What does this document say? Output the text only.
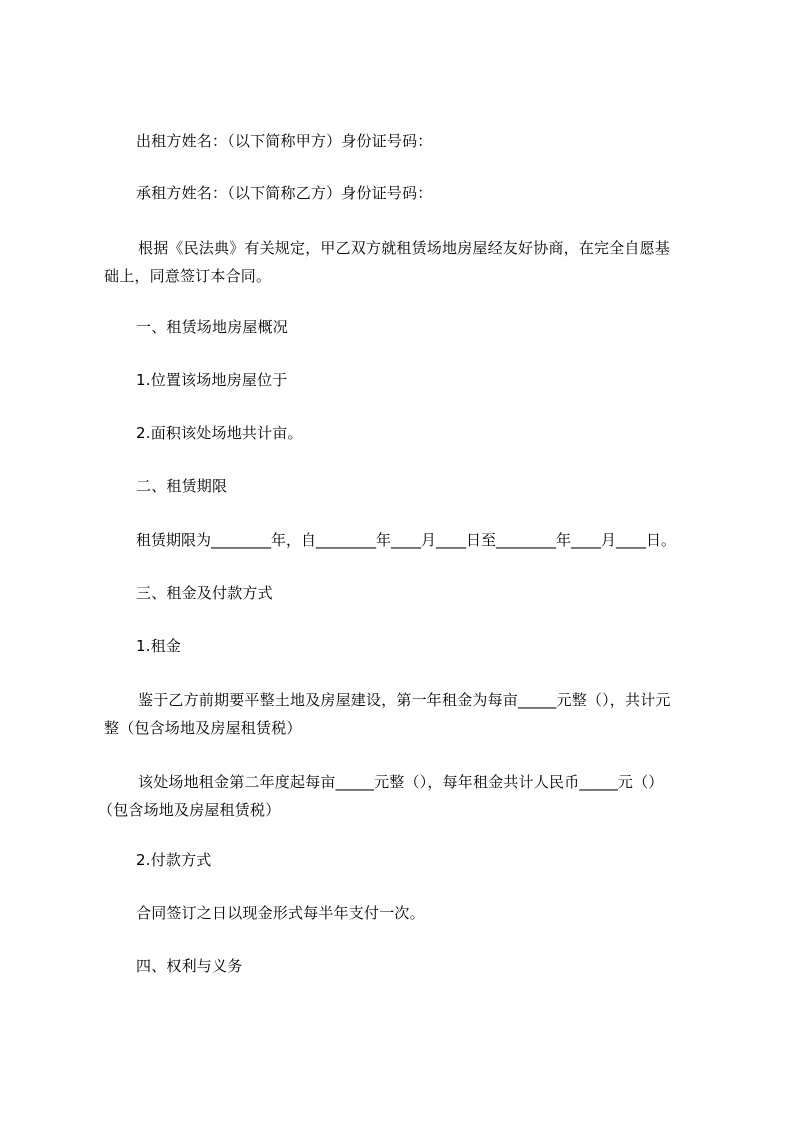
出租方姓名：（以下简称甲方）身份证号码：
承租方姓名：（以下简称乙方）身份证号码：
根据《民法典》有关规定，甲乙双方就租赁场地房屋经友好协商，在完全自愿基
础上，同意签订本合同。
一、租赁场地房屋概况
1.位置该场地房屋位于
2.面积该处场地共计亩。
二、租赁期限
租赁期限为________年，自________年____月____日至________年____月____日。
三、租金及付款方式
1.租金
鉴于乙方前期要平整土地及房屋建设，第一年租金为每亩_____元整（），共计元
整（包含场地及房屋租赁税）
该处场地租金第二年度起每亩_____元整（），每年租金共计人民币_____元（）
（包含场地及房屋租赁税）
2.付款方式
合同签订之日以现金形式每半年支付一次。
四、权利与义务
